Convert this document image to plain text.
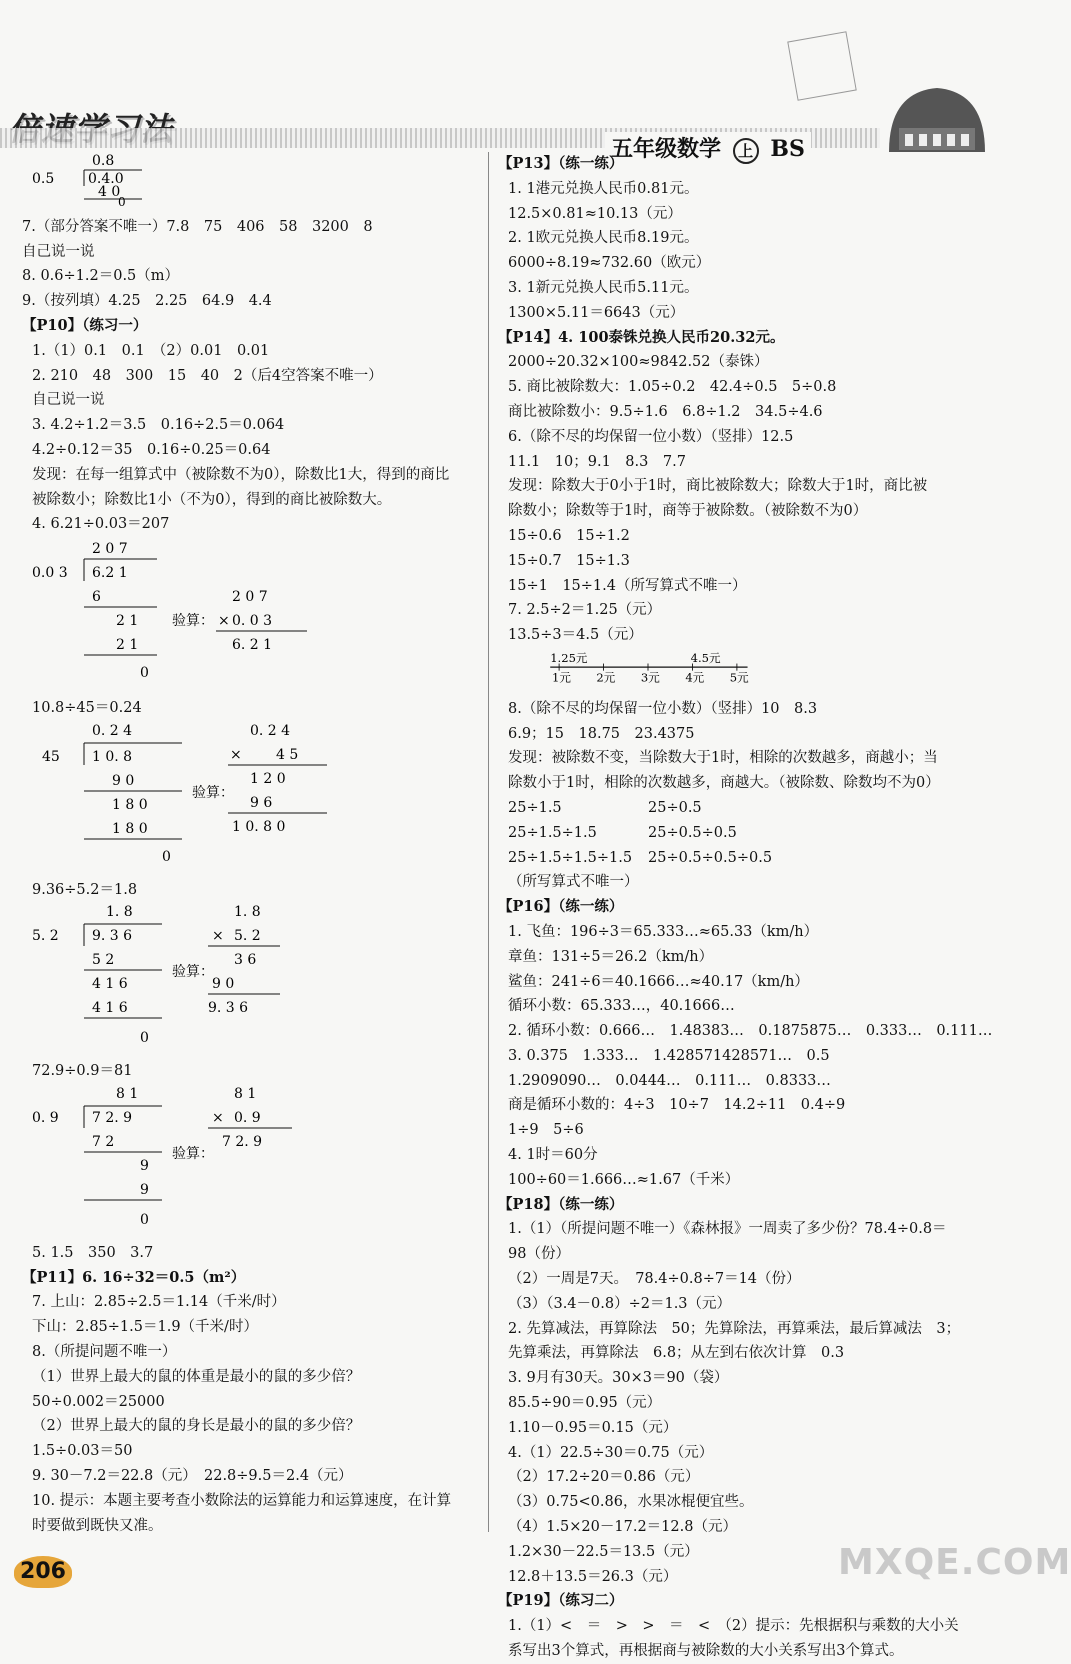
五年级数学 上 BS
0.8
0.5 0.4.0
4 0
0
7.（部分答案不唯一）7.8　75　406　58　3200　8
自己说一说
8. 0.6÷1.2＝0.5（m）
9.（按列填）4.25　2.25　64.9　4.4
【P10】（练习一）
1.（1）0.1　0.1　（2）0.01　0.01
2. 210　48　300　15　40　2（后4空答案不唯一）
自己说一说
3. 4.2÷1.2＝3.5　0.16÷2.5＝0.064
4.2÷0.12＝35　0.16÷0.25＝0.64
发现：在每一组算式中（被除数不为0），除数比1大，得到的商比
被除数小；除数比1小（不为0），得到的商比被除数大。
4. 6.21÷0.03＝207
2 0 7
0.0 3 6.2 1
6
2 1
2 1
0
验算：
2 0 7
× 0. 0 3
6. 2 1
10.8÷45＝0.24
0. 2 4
45 1 0. 8
9 0
1 8 0
1 8 0
0
验算：
0. 2 4
× 4 5
1 2 0
9 6
1 0. 8 0
9.36÷5.2＝1.8
1. 8
5. 2 9. 3 6
5 2
4 1 6
4 1 6
0
验算：
1. 8
× 5. 2
3 6
9 0
9. 3 6
72.9÷0.9＝81
8 1
0. 9 7 2. 9
7 2
9
9
0
验算：
8 1
× 0. 9
7 2. 9
5. 1.5　350　3.7
【P11】6. 16÷32＝0.5（m²）
7. 上山：2.85÷2.5＝1.14（千米/时）
下山：2.85÷1.5＝1.9（千米/时）
8.（所提问题不唯一）
（1）世界上最大的鼠的体重是最小的鼠的多少倍？
50÷0.002＝25000
（2）世界上最大的鼠的身长是最小的鼠的多少倍？
1.5÷0.03＝50
9. 30－7.2＝22.8（元）　22.8÷9.5＝2.4（元）
10. 提示：本题主要考查小数除法的运算能力和运算速度，在计算
时要做到既快又准。
【P13】（练一练）
1. 1港元兑换人民币0.81元。
12.5×0.81≈10.13（元）
2. 1欧元兑换人民币8.19元。
6000÷8.19≈732.60（欧元）
3. 1新元兑换人民币5.11元。
1300×5.11＝6643（元）
【P14】4. 100泰铢兑换人民币20.32元。
2000÷20.32×100≈9842.52（泰铢）
5. 商比被除数大：1.05÷0.2　42.4÷0.5　5÷0.8
商比被除数小：9.5÷1.6　6.8÷1.2　34.5÷4.6
6.（除不尽的均保留一位小数）（竖排）12.5
11.1　10；9.1　8.3　7.7
发现：除数大于0小于1时，商比被除数大；除数大于1时，商比被
除数小；除数等于1时，商等于被除数。（被除数不为0）
15÷0.6　15÷1.2
15÷0.7　15÷1.3
15÷1　15÷1.4（所写算式不唯一）
7. 2.5÷2＝1.25（元）
13.5÷3＝4.5（元）
1.25元	4.5元
1元 2元 3元 4元 5元
8.（除不尽的均保留一位小数）（竖排）10　8.3
6.9；15　18.75　23.4375
发现：被除数不变，当除数大于1时，相除的次数越多，商越小；当
除数小于1时，相除的次数越多，商越大。（被除数、除数均不为0）
25÷1.5	25÷0.5
25÷1.5÷1.5	25÷0.5÷0.5
25÷1.5÷1.5÷1.5 25÷0.5÷0.5÷0.5
（所写算式不唯一）
【P16】（练一练）
1. 飞鱼：196÷3＝65.333…≈65.33（km/h）
章鱼：131÷5＝26.2（km/h）
鲨鱼：241÷6＝40.1666…≈40.17（km/h）
循环小数：65.333…，40.1666…
2. 循环小数：0.666…　1.48383…　0.1875875…　0.333…　0.111…
3. 0.375　1.333…　1.428571428571…　0.5
1.2909090…　0.0444…　0.111…　0.8333…
商是循环小数的：4÷3　10÷7　14.2÷11　0.4÷9
1÷9　5÷6
4. 1时＝60分
100÷60＝1.666…≈1.67（千米）
【P18】（练一练）
1.（1）（所提问题不唯一）《森林报》一周卖了多少份？78.4÷0.8＝
98（份）
（2）一周是7天。　78.4÷0.8÷7＝14（份）
（3）（3.4－0.8）÷2＝1.3（元）
2. 先算减法，再算除法　50；先算除法，再算乘法，最后算减法　3；
先算乘法，再算除法　6.8；从左到右依次计算　0.3
3. 9月有30天。30×3＝90（袋）
85.5÷90＝0.95（元）
1.10－0.95＝0.15（元）
4.（1）22.5÷30＝0.75（元）
（2）17.2÷20＝0.86（元）
（3）0.75<0.86，水果冰棍便宜些。
（4）1.5×20－17.2＝12.8（元）
1.2×30－22.5＝13.5（元）
12.8＋13.5＝26.3（元）
【P19】（练习二）
1.（1）<　＝　>　>　＝　<　（2）提示：先根据积与乘数的大小关
系写出3个算式，再根据商与被除数的大小关系写出3个算式。
206	MXQE.COM
